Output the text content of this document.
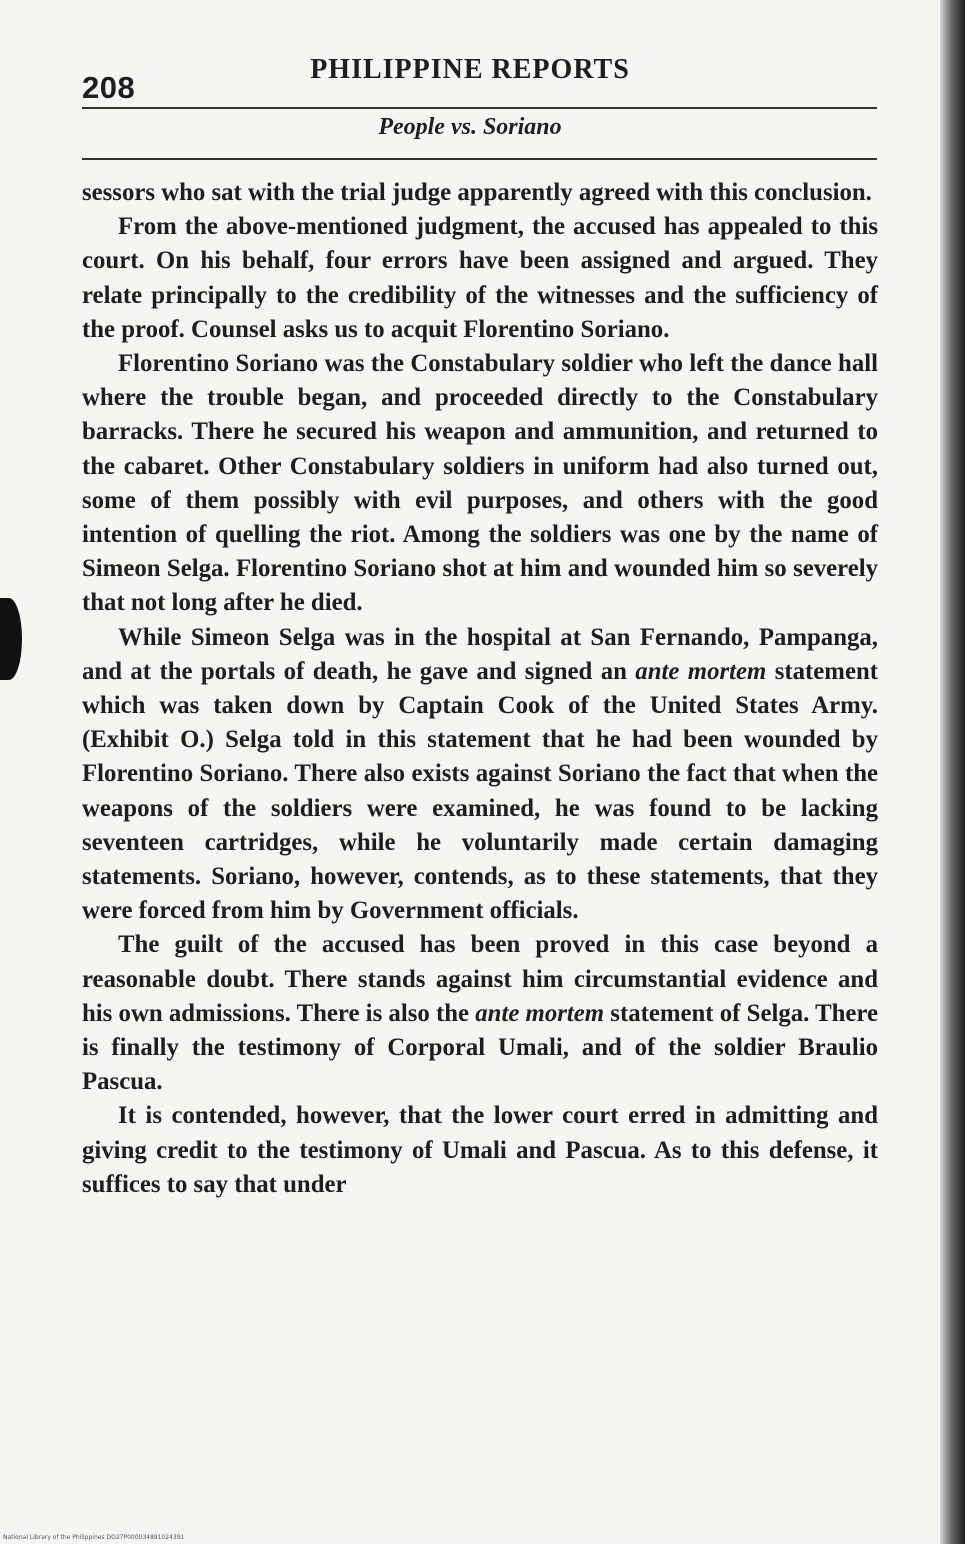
208
PHILIPPINE REPORTS
People vs. Soriano

sessors who sat with the trial judge apparently agreed with this conclusion.

From the above-mentioned judgment, the accused has appealed to this court. On his behalf, four errors have been assigned and argued. They relate principally to the credibility of the witnesses and the sufficiency of the proof. Counsel asks us to acquit Florentino Soriano.

Florentino Soriano was the Constabulary soldier who left the dance hall where the trouble began, and proceeded directly to the Constabulary barracks. There he secured his weapon and ammunition, and returned to the cabaret. Other Constabulary soldiers in uniform had also turned out, some of them possibly with evil purposes, and others with the good intention of quelling the riot. Among the soldiers was one by the name of Simeon Selga. Florentino Soriano shot at him and wounded him so severely that not long after he died.

While Simeon Selga was in the hospital at San Fernando, Pampanga, and at the portals of death, he gave and signed an ante mortem statement which was taken down by Captain Cook of the United States Army. (Exhibit O.) Selga told in this statement that he had been wounded by Florentino Soriano. There also exists against Soriano the fact that when the weapons of the soldiers were examined, he was found to be lacking seventeen cartridges, while he voluntarily made certain damaging statements. Soriano, however, contends, as to these statements, that they were forced from him by Government officials.

The guilt of the accused has been proved in this case beyond a reasonable doubt. There stands against him circumstantial evidence and his own admissions. There is also the ante mortem statement of Selga. There is finally the testimony of Corporal Umali, and of the soldier Braulio Pascua.

It is contended, however, that the lower court erred in admitting and giving credit to the testimony of Umali and Pascua. As to this defense, it suffices to say that under

National Library of the Philippines DO27P000034891024391
